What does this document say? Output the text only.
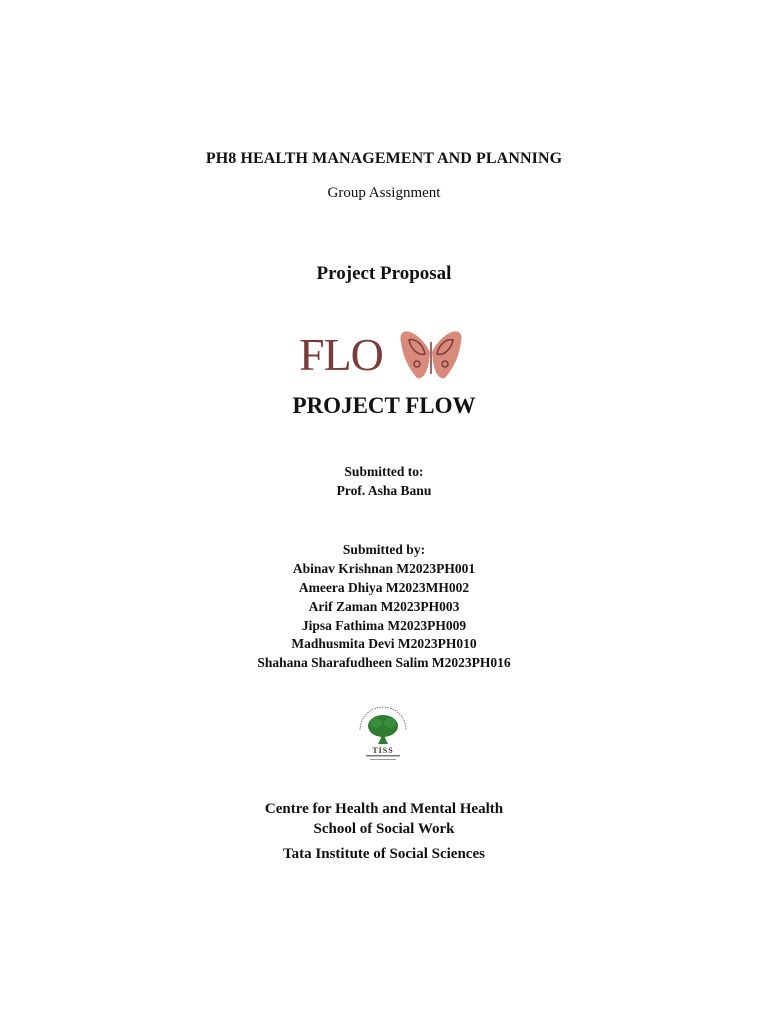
PH8 HEALTH MANAGEMENT AND PLANNING
Group Assignment
Project Proposal
FLO
PROJECT FLOW
Submitted to:
Prof. Asha Banu
Submitted by:
Abinav Krishnan M2023PH001
Ameera Dhiya M2023MH002
Arif Zaman M2023PH003
Jipsa Fathima M2023PH009
Madhusmita Devi M2023PH010
Shahana Sharafudheen Salim M2023PH016
TISS
Centre for Health and Mental Health
School of Social Work
Tata Institute of Social Sciences
